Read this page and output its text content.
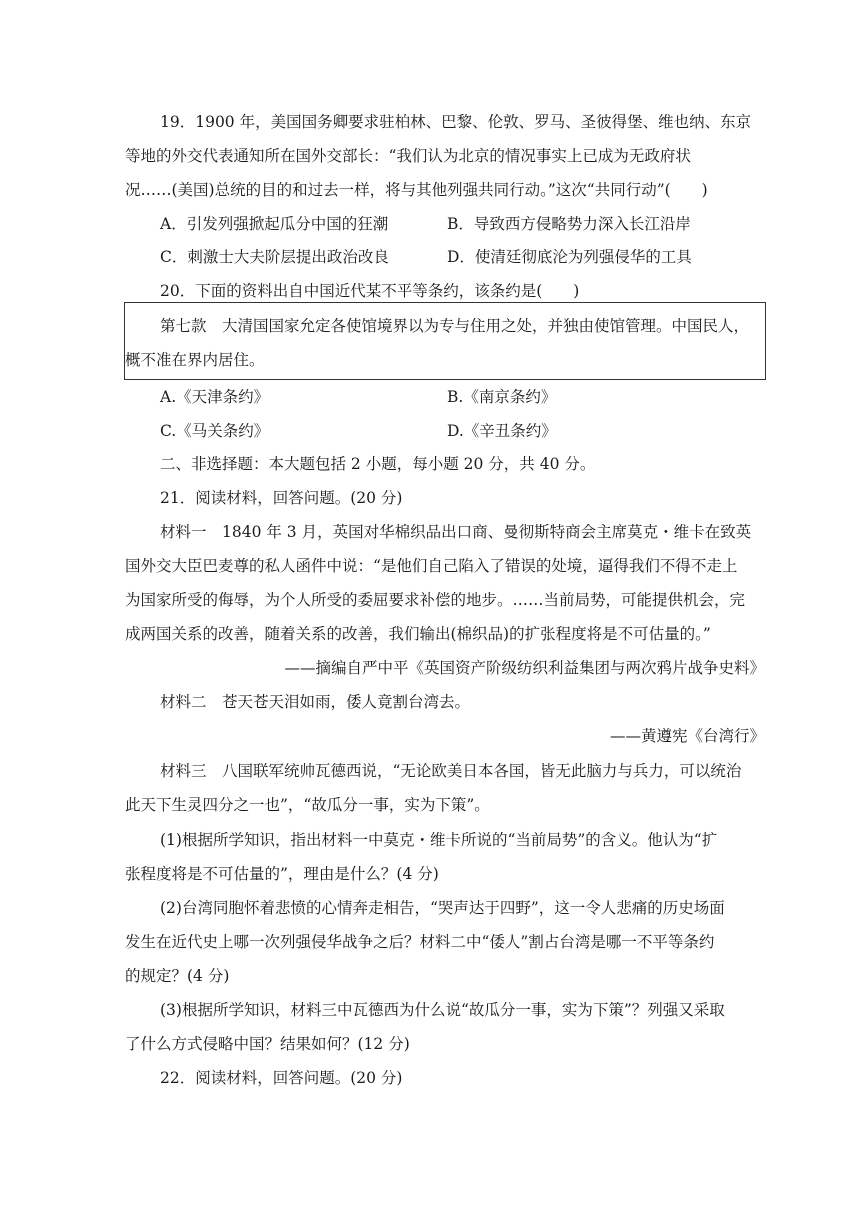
19．1900 年，美国国务卿要求驻柏林、巴黎、伦敦、罗马、圣彼得堡、维也纳、东京
等地的外交代表通知所在国外交部长：“我们认为北京的情况事实上已成为无政府状
况……(美国)总统的目的和过去一样，将与其他列强共同行动。”这次“共同行动”(　　)
A．引发列强掀起瓜分中国的狂潮	B．导致西方侵略势力深入长江沿岸
C．刺激士大夫阶层提出政治改良	D．使清廷彻底沦为列强侵华的工具
20．下面的资料出自中国近代某不平等条约，该条约是(　　)
第七款　大清国国家允定各使馆境界以为专与住用之处，并独由使馆管理。中国民人，
概不准在界内居住。
A.《天津条约》	B.《南京条约》
C.《马关条约》	D.《辛丑条约》
二、非选择题：本大题包括 2 小题，每小题 20 分，共 40 分。
21．阅读材料，回答问题。(20 分)
材料一　1840 年 3 月，英国对华棉织品出口商、曼彻斯特商会主席莫克・维卡在致英
国外交大臣巴麦尊的私人函件中说：“是他们自己陷入了错误的处境，逼得我们不得不走上
为国家所受的侮辱，为个人所受的委屈要求补偿的地步。……当前局势，可能提供机会，完
成两国关系的改善，随着关系的改善，我们输出(棉织品)的扩张程度将是不可估量的。”
——摘编自严中平《英国资产阶级纺织利益集团与两次鸦片战争史料》
材料二　苍天苍天泪如雨，倭人竟割台湾去。
——黄遵宪《台湾行》
材料三　八国联军统帅瓦德西说，“无论欧美日本各国，皆无此脑力与兵力，可以统治
此天下生灵四分之一也”，“故瓜分一事，实为下策”。
(1)根据所学知识，指出材料一中莫克・维卡所说的“当前局势”的含义。他认为“扩
张程度将是不可估量的”，理由是什么？(4 分)
(2)台湾同胞怀着悲愤的心情奔走相告，“哭声达于四野”，这一令人悲痛的历史场面
发生在近代史上哪一次列强侵华战争之后？材料二中“倭人”割占台湾是哪一不平等条约
的规定？(4 分)
(3)根据所学知识，材料三中瓦德西为什么说“故瓜分一事，实为下策”？列强又采取
了什么方式侵略中国？结果如何？(12 分)
22．阅读材料，回答问题。(20 分)
